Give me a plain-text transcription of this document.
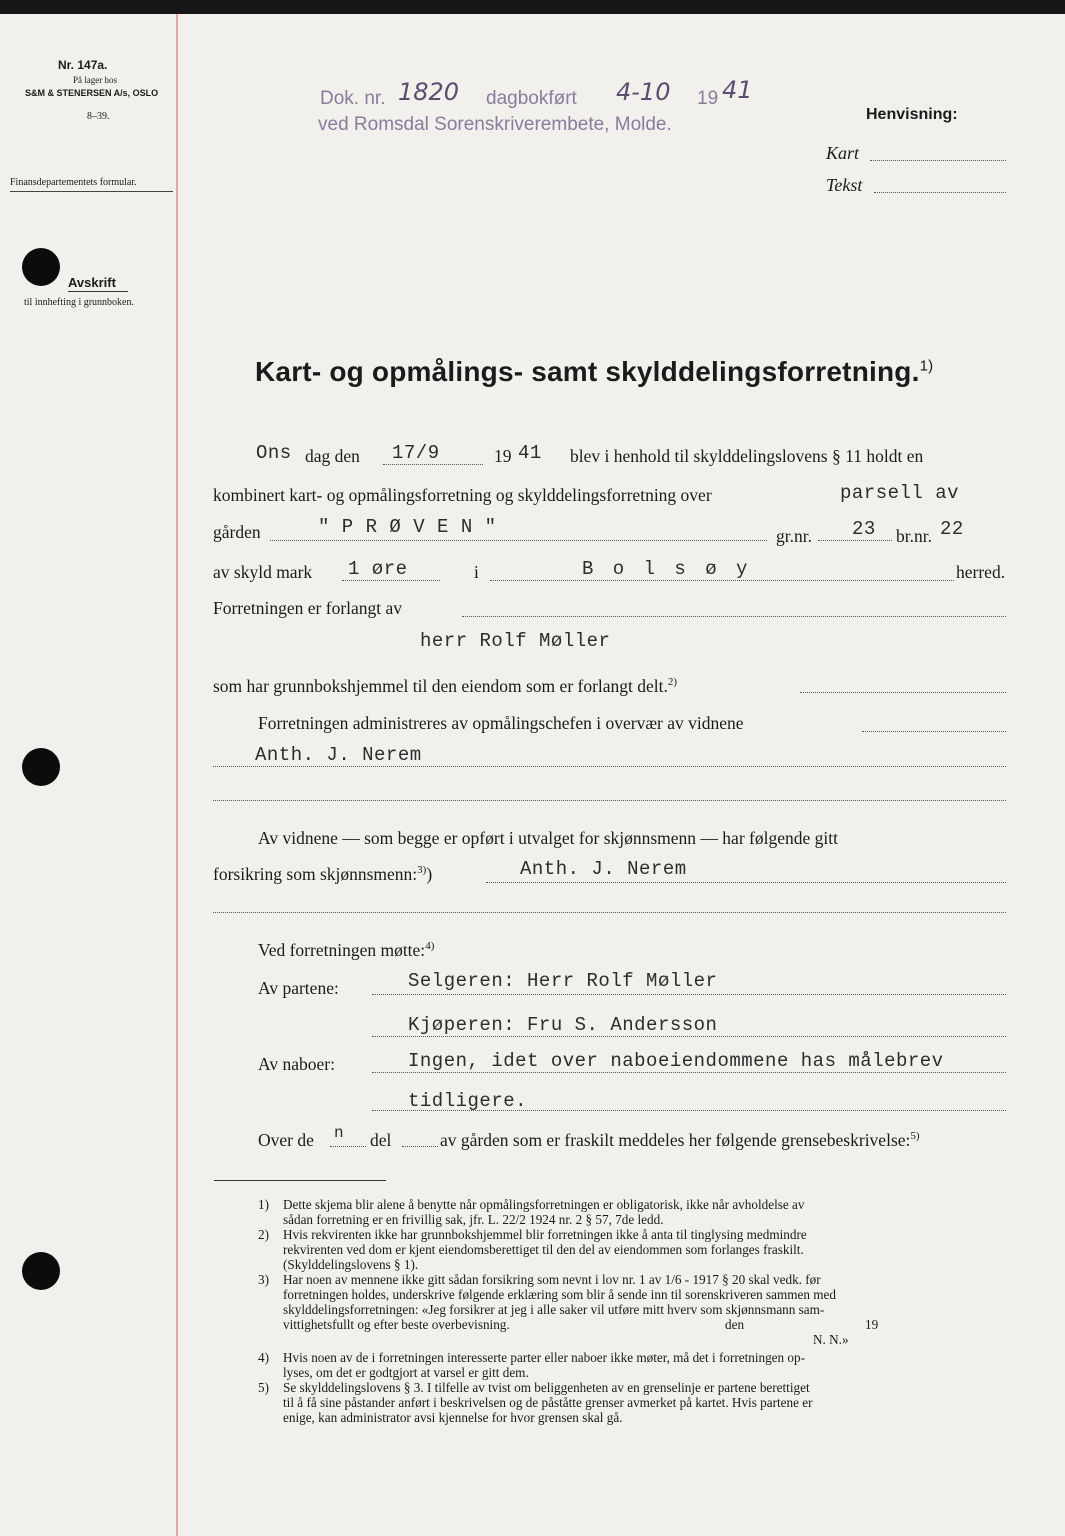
Nr. 147a.
På lager hos
S&M & STENERSEN A/s, OSLO
8–39.
Finansdepartementets formular.
Avskrift
til innhefting i grunnboken.
Dok. nr. 1820 dagbokført 4-10 19 41
ved Romsdal Sorenskriverembete, Molde.	Henvisning:
Kart
Tekst
Kart- og opmålings- samt skylddelingsforretning.$^{1)}$
Ons dag den 17/9	19 41 blev i henhold til skylddelingslovens § 11 holdt en
kombinert kart- og opmålingsforretning og skylddelingsforretning over	parsell av
gården	" P R Ø V E N "	gr.nr. 23 br.nr. 22
av skyld mark 1 øre	i	B o l s ø y	herred.
Forretningen er forlangt av
herr Rolf Møller
som har grunnbokshjemmel til den eiendom som er forlangt delt.$^{2)}$
Forretningen administreres av opmålingschefen i overvær av vidnene
Anth. J. Nerem
Av vidnene — som begge er opført i utvalget for skjønnsmenn — har følgende gitt
forsikring som skjønnsmenn:$^{3)}$)	Anth. J. Nerem
Ved forretningen møtte:$^{4)}$
Av partene:	Selgeren: Herr Rolf Møller
Kjøperen: Fru S. Andersson
Av naboer:	Ingen, idet over naboeiendommene has målebrev
tidligere.
Over de n del	av gården som er fraskilt meddeles her følgende grensebeskrivelse:$^{5)}$
1) Dette skjema blir alene å benytte når opmålingsforretningen er obligatorisk, ikke når avholdelse av
sådan forretning er en frivillig sak, jfr. L. 22/2 1924 nr. 2 § 57, 7de ledd.
2) Hvis rekvirenten ikke har grunnbokshjemmel blir forretningen ikke å anta til tinglysing medmindre
rekvirenten ved dom er kjent eiendomsberettiget til den del av eiendommen som forlanges fraskilt.
(Skylddelingslovens § 1).
3) Har noen av mennene ikke gitt sådan forsikring som nevnt i lov nr. 1 av 1/6 - 1917 § 20 skal vedk. før
forretningen holdes, underskrive følgende erklæring som blir å sende inn til sorenskriveren sammen med
skylddelingsforretningen: «Jeg forsikrer at jeg i alle saker vil utføre mitt hverv som skjønnsmann sam-
vittighetsfullt og efter beste overbevisning.	den	19
N. N.»
4) Hvis noen av de i forretningen interesserte parter eller naboer ikke møter, må det i forretningen op-
lyses, om det er godtgjort at varsel er gitt dem.
5) Se skylddelingslovens § 3. I tilfelle av tvist om beliggenheten av en grenselinje er partene berettiget
til å få sine påstander anført i beskrivelsen og de påståtte grenser avmerket på kartet. Hvis partene er
enige, kan administrator avsi kjennelse for hvor grensen skal gå.
